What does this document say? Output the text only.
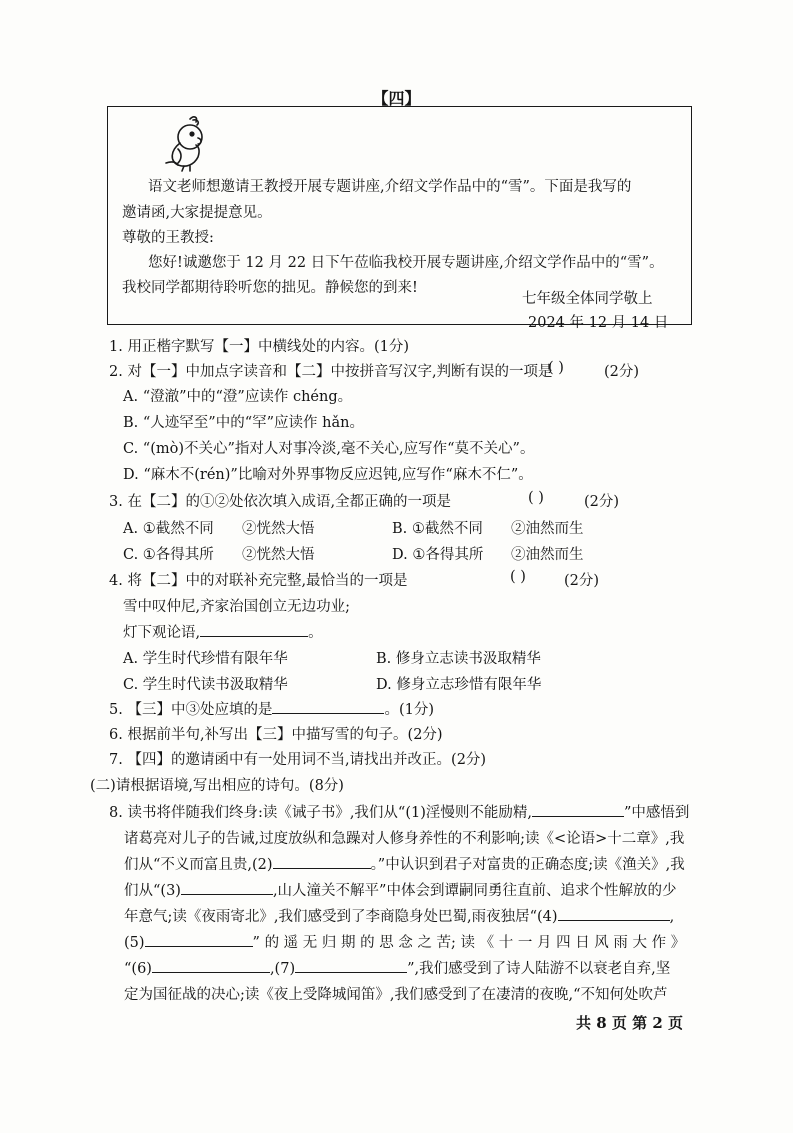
【四】
语文老师想邀请王教授开展专题讲座,介绍文学作品中的“雪”。下面是我写的
邀请函,大家提提意见。
尊敬的王教授:
您好!诚邀您于 12 月 22 日下午莅临我校开展专题讲座,介绍文学作品中的“雪”。
我校同学都期待聆听您的拙见。静候您的到来!
七年级全体同学敬上
2024 年 12 月 14 日
1. 用正楷字默写【一】中横线处的内容。(1分)
2. 对【一】中加点字读音和【二】中按拼音写汉字,判断有误的一项是
( )	(2分)
A. “澄澈”中的“澄”应读作 chéng。
B. “人迹罕至”中的“罕”应读作 hǎn。
C. “(mò)不关心”指对人对事冷淡,毫不关心,应写作“莫不关心”。
D. “麻木不(rén)”比喻对外界事物反应迟钝,应写作“麻木不仁”。
3. 在【二】的①②处依次填入成语,全都正确的一项是	( )	(2分)
A. ①截然不同 ②恍然大悟	B. ①截然不同 ②油然而生
C. ①各得其所 ②恍然大悟	D. ①各得其所 ②油然而生
4. 将【二】中的对联补充完整,最恰当的一项是	( )	(2分)
雪中叹仲尼,齐家治国创立无边功业;
灯下观论语,	。
A. 学生时代珍惜有限年华	B. 修身立志读书汲取精华
C. 学生时代读书汲取精华	D. 修身立志珍惜有限年华
5. 【三】中③处应填的是	。(1分)
6. 根据前半句,补写出【三】中描写雪的句子。(2分)
7. 【四】的邀请函中有一处用词不当,请找出并改正。(2分)
(二)请根据语境,写出相应的诗句。(8分)
8. 读书将伴随我们终身:读《诫子书》,我们从“(1)淫慢则不能励精,	”中感悟到
诸葛亮对儿子的告诫,过度放纵和急躁对人修身养性的不利影响;读《<论语>十二章》,我
们从“不义而富且贵,(2)	。”中认识到君子对富贵的正确态度;读《渔关》,我
们从“(3)	,山人潼关不解平”中体会到谭嗣同勇往直前、追求个性解放的少
年意气;读《夜雨寄北》,我们感受到了李商隐身处巴蜀,雨夜独居“(4)	,
(5)	” 的 遥 无 归 期 的 思 念 之 苦; 读 《 十 一 月 四 日 风 雨 大 作 》
“(6)	,(7)	”,我们感受到了诗人陆游不以衰老自弃,坚
定为国征战的决心;读《夜上受降城闻笛》,我们感受到了在凄清的夜晚,“不知何处吹芦
共 8 页 第 2 页
